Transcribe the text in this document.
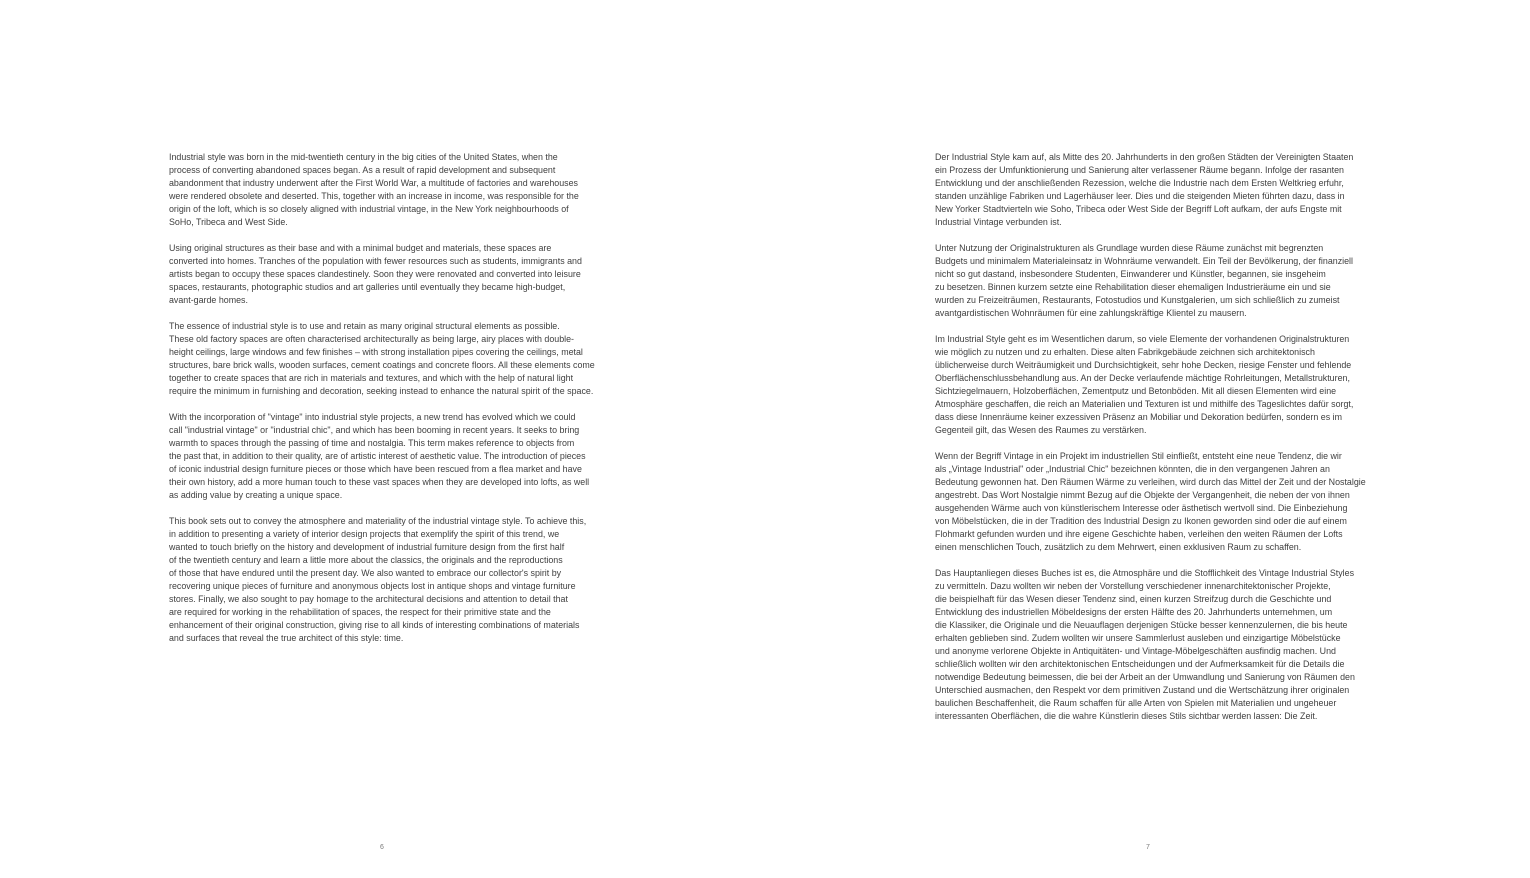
Industrial style was born in the mid-twentieth century in the big cities of the United States, when the
process of converting abandoned spaces began. As a result of rapid development and subsequent
abandonment that industry underwent after the First World War, a multitude of factories and warehouses
were rendered obsolete and deserted. This, together with an increase in income, was responsible for the
origin of the loft, which is so closely aligned with industrial vintage, in the New York neighbourhoods of
SoHo, Tribeca and West Side.

Using original structures as their base and with a minimal budget and materials, these spaces are
converted into homes. Tranches of the population with fewer resources such as students, immigrants and
artists began to occupy these spaces clandestinely. Soon they were renovated and converted into leisure
spaces, restaurants, photographic studios and art galleries until eventually they became high-budget,
avant-garde homes.

The essence of industrial style is to use and retain as many original structural elements as possible.
These old factory spaces are often characterised architecturally as being large, airy places with double-
height ceilings, large windows and few finishes – with strong installation pipes covering the ceilings, metal
structures, bare brick walls, wooden surfaces, cement coatings and concrete floors. All these elements come
together to create spaces that are rich in materials and textures, and which with the help of natural light
require the minimum in furnishing and decoration, seeking instead to enhance the natural spirit of the space.

With the incorporation of "vintage" into industrial style projects, a new trend has evolved which we could
call "industrial vintage" or "industrial chic", and which has been booming in recent years. It seeks to bring
warmth to spaces through the passing of time and nostalgia. This term makes reference to objects from
the past that, in addition to their quality, are of artistic interest of aesthetic value. The introduction of pieces
of iconic industrial design furniture pieces or those which have been rescued from a flea market and have
their own history, add a more human touch to these vast spaces when they are developed into lofts, as well
as adding value by creating a unique space.

This book sets out to convey the atmosphere and materiality of the industrial vintage style. To achieve this,
in addition to presenting a variety of interior design projects that exemplify the spirit of this trend, we
wanted to touch briefly on the history and development of industrial furniture design from the first half
of the twentieth century and learn a little more about the classics, the originals and the reproductions
of those that have endured until the present day. We also wanted to embrace our collector's spirit by
recovering unique pieces of furniture and anonymous objects lost in antique shops and vintage furniture
stores. Finally, we also sought to pay homage to the architectural decisions and attention to detail that
are required for working in the rehabilitation of spaces, the respect for their primitive state and the
enhancement of their original construction, giving rise to all kinds of interesting combinations of materials
and surfaces that reveal the true architect of this style: time.

6

Der Industrial Style kam auf, als Mitte des 20. Jahrhunderts in den großen Städten der Vereinigten Staaten
ein Prozess der Umfunktionierung und Sanierung alter verlassener Räume begann. Infolge der rasanten
Entwicklung und der anschließenden Rezession, welche die Industrie nach dem Ersten Weltkrieg erfuhr,
standen unzählige Fabriken und Lagerhäuser leer. Dies und die steigenden Mieten führten dazu, dass in
New Yorker Stadtvierteln wie Soho, Tribeca oder West Side der Begriff Loft aufkam, der aufs Engste mit
Industrial Vintage verbunden ist.

Unter Nutzung der Originalstrukturen als Grundlage wurden diese Räume zunächst mit begrenzten
Budgets und minimalem Materialeinsatz in Wohnräume verwandelt. Ein Teil der Bevölkerung, der finanziell
nicht so gut dastand, insbesondere Studenten, Einwanderer und Künstler, begannen, sie insgeheim
zu besetzen. Binnen kurzem setzte eine Rehabilitation dieser ehemaligen Industrieräume ein und sie
wurden zu Freizeiträumen, Restaurants, Fotostudios und Kunstgalerien, um sich schließlich zu zumeist
avantgardistischen Wohnräumen für eine zahlungskräftige Klientel zu mausern.

Im Industrial Style geht es im Wesentlichen darum, so viele Elemente der vorhandenen Originalstrukturen
wie möglich zu nutzen und zu erhalten. Diese alten Fabrikgebäude zeichnen sich architektonisch
üblicherweise durch Weiträumigkeit und Durchsichtigkeit, sehr hohe Decken, riesige Fenster und fehlende
Oberflächenschlussbehandlung aus. An der Decke verlaufende mächtige Rohrleitungen, Metallstrukturen,
Sichtziegelmauern, Holzoberflächen, Zementputz und Betonböden. Mit all diesen Elementen wird eine
Atmosphäre geschaffen, die reich an Materialien und Texturen ist und mithilfe des Tageslichtes dafür sorgt,
dass diese Innenräume keiner exzessiven Präsenz an Mobiliar und Dekoration bedürfen, sondern es im
Gegenteil gilt, das Wesen des Raumes zu verstärken.

Wenn der Begriff Vintage in ein Projekt im industriellen Stil einfließt, entsteht eine neue Tendenz, die wir
als „Vintage Industrial" oder „Industrial Chic" bezeichnen könnten, die in den vergangenen Jahren an
Bedeutung gewonnen hat. Den Räumen Wärme zu verleihen, wird durch das Mittel der Zeit und der Nostalgie
angestrebt. Das Wort Nostalgie nimmt Bezug auf die Objekte der Vergangenheit, die neben der von ihnen
ausgehenden Wärme auch von künstlerischem Interesse oder ästhetisch wertvoll sind. Die Einbeziehung
von Möbelstücken, die in der Tradition des Industrial Design zu Ikonen geworden sind oder die auf einem
Flohmarkt gefunden wurden und ihre eigene Geschichte haben, verleihen den weiten Räumen der Lofts
einen menschlichen Touch, zusätzlich zu dem Mehrwert, einen exklusiven Raum zu schaffen.

Das Hauptanliegen dieses Buches ist es, die Atmosphäre und die Stofflichkeit des Vintage Industrial Styles
zu vermitteln. Dazu wollten wir neben der Vorstellung verschiedener innenarchitektonischer Projekte,
die beispielhaft für das Wesen dieser Tendenz sind, einen kurzen Streifzug durch die Geschichte und
Entwicklung des industriellen Möbeldesigns der ersten Hälfte des 20. Jahrhunderts unternehmen, um
die Klassiker, die Originale und die Neuauflagen derjenigen Stücke besser kennenzulernen, die bis heute
erhalten geblieben sind. Zudem wollten wir unsere Sammlerlust ausleben und einzigartige Möbelstücke
und anonyme verlorene Objekte in Antiquitäten- und Vintage-Möbelgeschäften ausfindig machen. Und
schließlich wollten wir den architektonischen Entscheidungen und der Aufmerksamkeit für die Details die
notwendige Bedeutung beimessen, die bei der Arbeit an der Umwandlung und Sanierung von Räumen den
Unterschied ausmachen, den Respekt vor dem primitiven Zustand und die Wertschätzung ihrer originalen
baulichen Beschaffenheit, die Raum schaffen für alle Arten von Spielen mit Materialien und ungeheuer
interessanten Oberflächen, die die wahre Künstlerin dieses Stils sichtbar werden lassen: Die Zeit.

7
